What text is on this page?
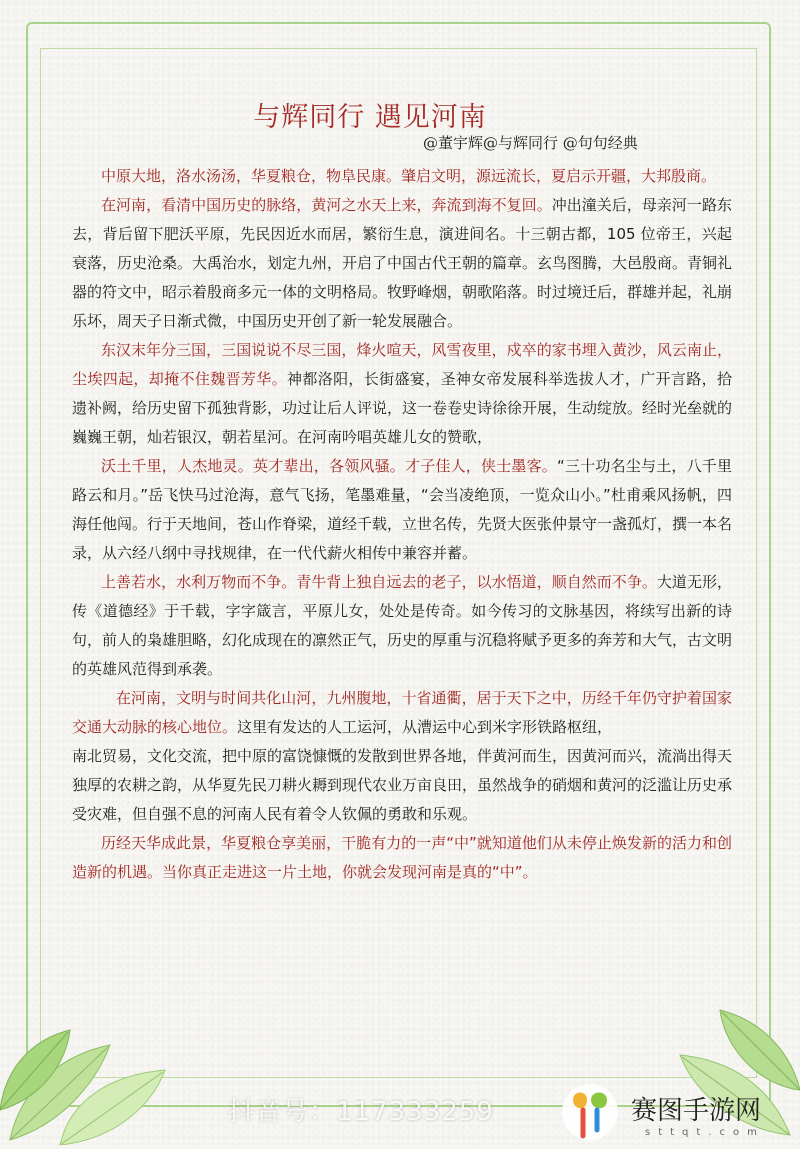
与辉同行 遇见河南
@董宇辉@与辉同行 @句句经典

中原大地，洛水汤汤，华夏粮仓，物阜民康。肇启文明，源远流长，夏启示开疆，大邦殷商。

在河南，看清中国历史的脉络，黄河之水天上来，奔流到海不复回。冲出潼关后，母亲河一路东去，背后留下肥沃平原，先民因近水而居，繁衍生息，演进间名。十三朝古都，105 位帝王，兴起衰落，历史沧桑。大禹治水，划定九州，开启了中国古代王朝的篇章。玄鸟图腾，大邑殷商。青铜礼器的符文中，昭示着殷商多元一体的文明格局。牧野峰烟，朝歌陷落。时过境迁后，群雄并起，礼崩乐坏，周天子日渐式微，中国历史开创了新一轮发展融合。

东汉末年分三国，三国说说不尽三国，烽火喧天，风雪夜里，戍卒的家书埋入黄沙，风云南止，尘埃四起，却掩不住魏晋芳华。神都洛阳，长街盛宴，圣神女帝发展科举选拔人才，广开言路，拾遗补阙，给历史留下孤独背影，功过让后人评说，这一卷卷史诗徐徐开展，生动绽放。经时光垒就的巍巍王朝，灿若银汉，朝若星河。在河南吟唱英雄儿女的赞歌，

沃土千里，人杰地灵。英才辈出，各领风骚。才子佳人，侠士墨客。“三十功名尘与土，八千里路云和月。”岳飞快马过沧海，意气飞扬，笔墨难量，“会当凌绝顶，一览众山小。”杜甫乘风扬帆，四海任他闯。行于天地间，苍山作脊梁，道经千载，立世名传，先贤大医张仲景守一盏孤灯，撰一本名录，从六经八纲中寻找规律，在一代代薪火相传中兼容并蓄。

上善若水，水利万物而不争。青牛背上独自远去的老子，以水悟道，顺自然而不争。大道无形，传《道德经》于千载，字字箴言，平原儿女，处处是传奇。如今传习的文脉基因，将续写出新的诗句，前人的枭雄胆略，幻化成现在的凛然正气，历史的厚重与沉稳将赋予更多的奔芳和大气，古文明的英雄风范得到承袭。

在河南，文明与时间共化山河，九州腹地，十省通衢，居于天下之中，历经千年仍守护着国家交通大动脉的核心地位。这里有发达的人工运河，从漕运中心到米字形铁路枢纽，

南北贸易，文化交流，把中原的富饶慷慨的发散到世界各地，伴黄河而生，因黄河而兴，流淌出得天独厚的农耕之韵，从华夏先民刀耕火耨到现代农业万亩良田，虽然战争的硝烟和黄河的泛滥让历史承受灾难，但自强不息的河南人民有着令人钦佩的勇敢和乐观。

历经天华成此景，华夏粮仓享美丽，干脆有力的一声“中”就知道他们从未停止焕发新的活力和创造新的机遇。当你真正走进这一片土地，你就会发现河南是真的“中”。

抖音号：117333259	赛图手游网
sttqt.com
